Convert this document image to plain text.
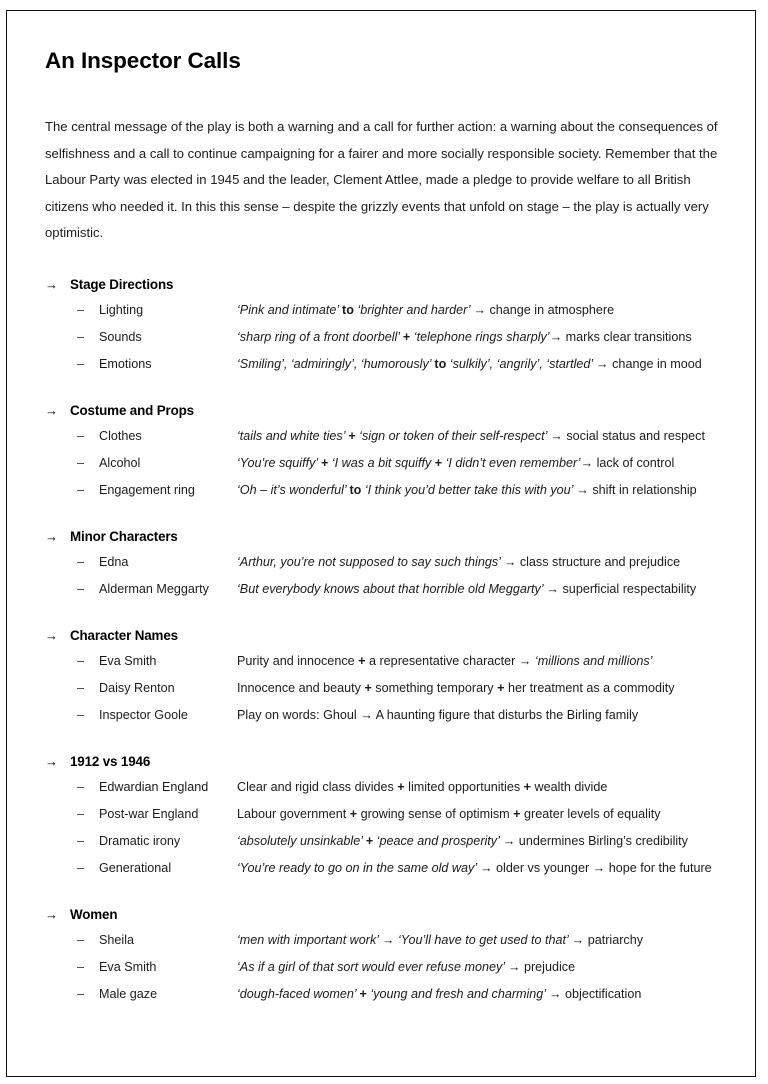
An Inspector Calls

The central message of the play is both a warning and a call for further action: a warning about the consequences of selfishness and a call to continue campaigning for a fairer and more socially responsible society. Remember that the Labour Party was elected in 1945 and the leader, Clement Attlee, made a pledge to provide welfare to all British citizens who needed it. In this this sense – despite the grizzly events that unfold on stage – the play is actually very optimistic.

→ Stage Directions
–	Lighting	‘Pink and intimate’ to ‘brighter and harder’ → change in atmosphere
–	Sounds	‘sharp ring of a front doorbell’ + ‘telephone rings sharply’→ marks clear transitions
–	Emotions	‘Smiling’, ‘admiringly’, ‘humorously’ to ‘sulkily’, ‘angrily’, ‘startled’ → change in mood
→ Costume and Props
–	Clothes	‘tails and white ties’ + ‘sign or token of their self-respect’ → social status and respect
–	Alcohol	‘You’re squiffy’ + ‘I was a bit squiffy + ‘I didn’t even remember’→ lack of control
–	Engagement ring	‘Oh – it’s wonderful’ to ‘I think you’d better take this with you’ → shift in relationship
→ Minor Characters
–	Edna	‘Arthur, you’re not supposed to say such things’ → class structure and prejudice
–	Alderman Meggarty	‘But everybody knows about that horrible old Meggarty’ → superficial respectability
→ Character Names
–	Eva Smith	Purity and innocence + a representative character → ‘millions and millions’
–	Daisy Renton	Innocence and beauty + something temporary + her treatment as a commodity
–	Inspector Goole	Play on words: Ghoul → A haunting figure that disturbs the Birling family
→ 1912 vs 1946
–	Edwardian England	Clear and rigid class divides + limited opportunities + wealth divide
–	Post-war England	Labour government + growing sense of optimism + greater levels of equality
–	Dramatic irony	‘absolutely unsinkable’ + ‘peace and prosperity’ → undermines Birling’s credibility
–	Generational	‘You’re ready to go on in the same old way’ → older vs younger → hope for the future
→ Women
–	Sheila	‘men with important work’ → ‘You’ll have to get used to that’ → patriarchy
–	Eva Smith	‘As if a girl of that sort would ever refuse money’ → prejudice
–	Male gaze	‘dough-faced women’ + ‘young and fresh and charming’ → objectification
